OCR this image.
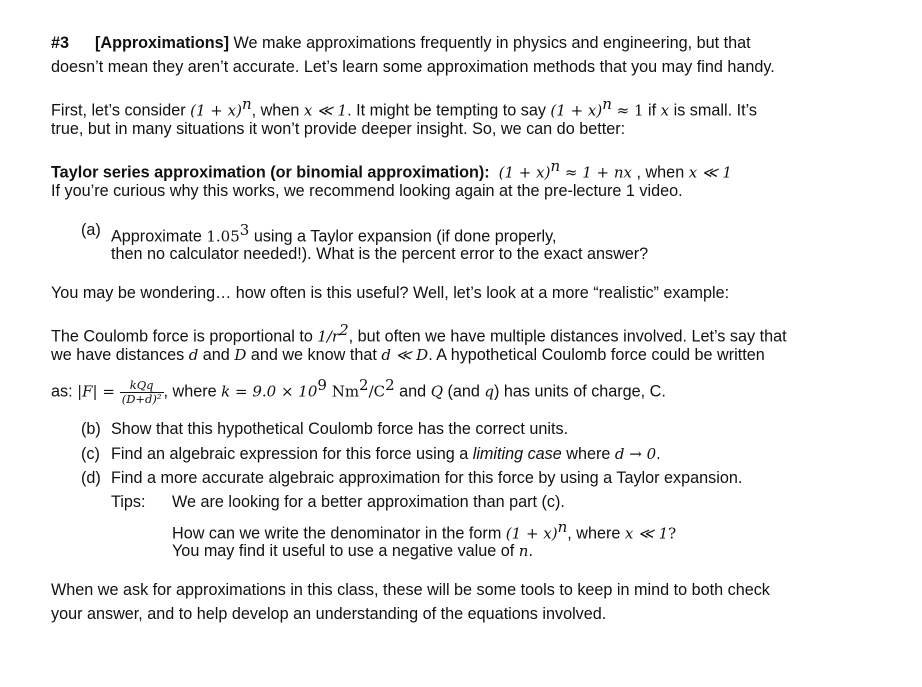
#3 [Approximations] We make approximations frequently in physics and engineering, but that
doesn’t mean they aren’t accurate. Let’s learn some approximation methods that you may find handy.
First, let’s consider $(1 + x)^n$, when x ≪ 1. It might be tempting to say $(1 + x)^n \approx 1$ if x is small. It’s
true, but in many situations it won’t provide deeper insight. So, we can do better:
Taylor series approximation (or binomial approximation): $(1 + x)^n \approx 1$ + nx , when x ≪ 1
If you’re curious why this works, we recommend looking again at the pre-lecture 1 video.
(a) Approximate 1.05$^3$ using a Taylor expansion (if done properly,
then no calculator needed!). What is the percent error to the exact answer?
You may be wondering… how often is this useful? Well, let’s look at a more “realistic” example:
The Coulomb force is proportional to $1/r^2$, but often we have multiple distances involved. Let’s say that
we have distances d and D and we know that d ≪ D. A hypothetical Coulomb force could be written
as: $|F| = \frac{\text{kQq}}{\text{(D+d)²}}$ , where $k = 9.0 \times 10^9$ $Nm^2/C^2$ and Q (and q) has units of charge, C.
(b) Show that this hypothetical Coulomb force has the correct units.
(c) Find an algebraic expression for this force using a limiting case where d → 0.
(d) Find a more accurate algebraic approximation for this force by using a Taylor expansion.
Tips: We are looking for a better approximation than part (c).
How can we write the denominator in the form $(1 + x)^n$, where x ≪ 1?
You may find it useful to use a negative value of n.
When we ask for approximations in this class, these will be some tools to keep in mind to both check
your answer, and to help develop an understanding of the equations involved.
